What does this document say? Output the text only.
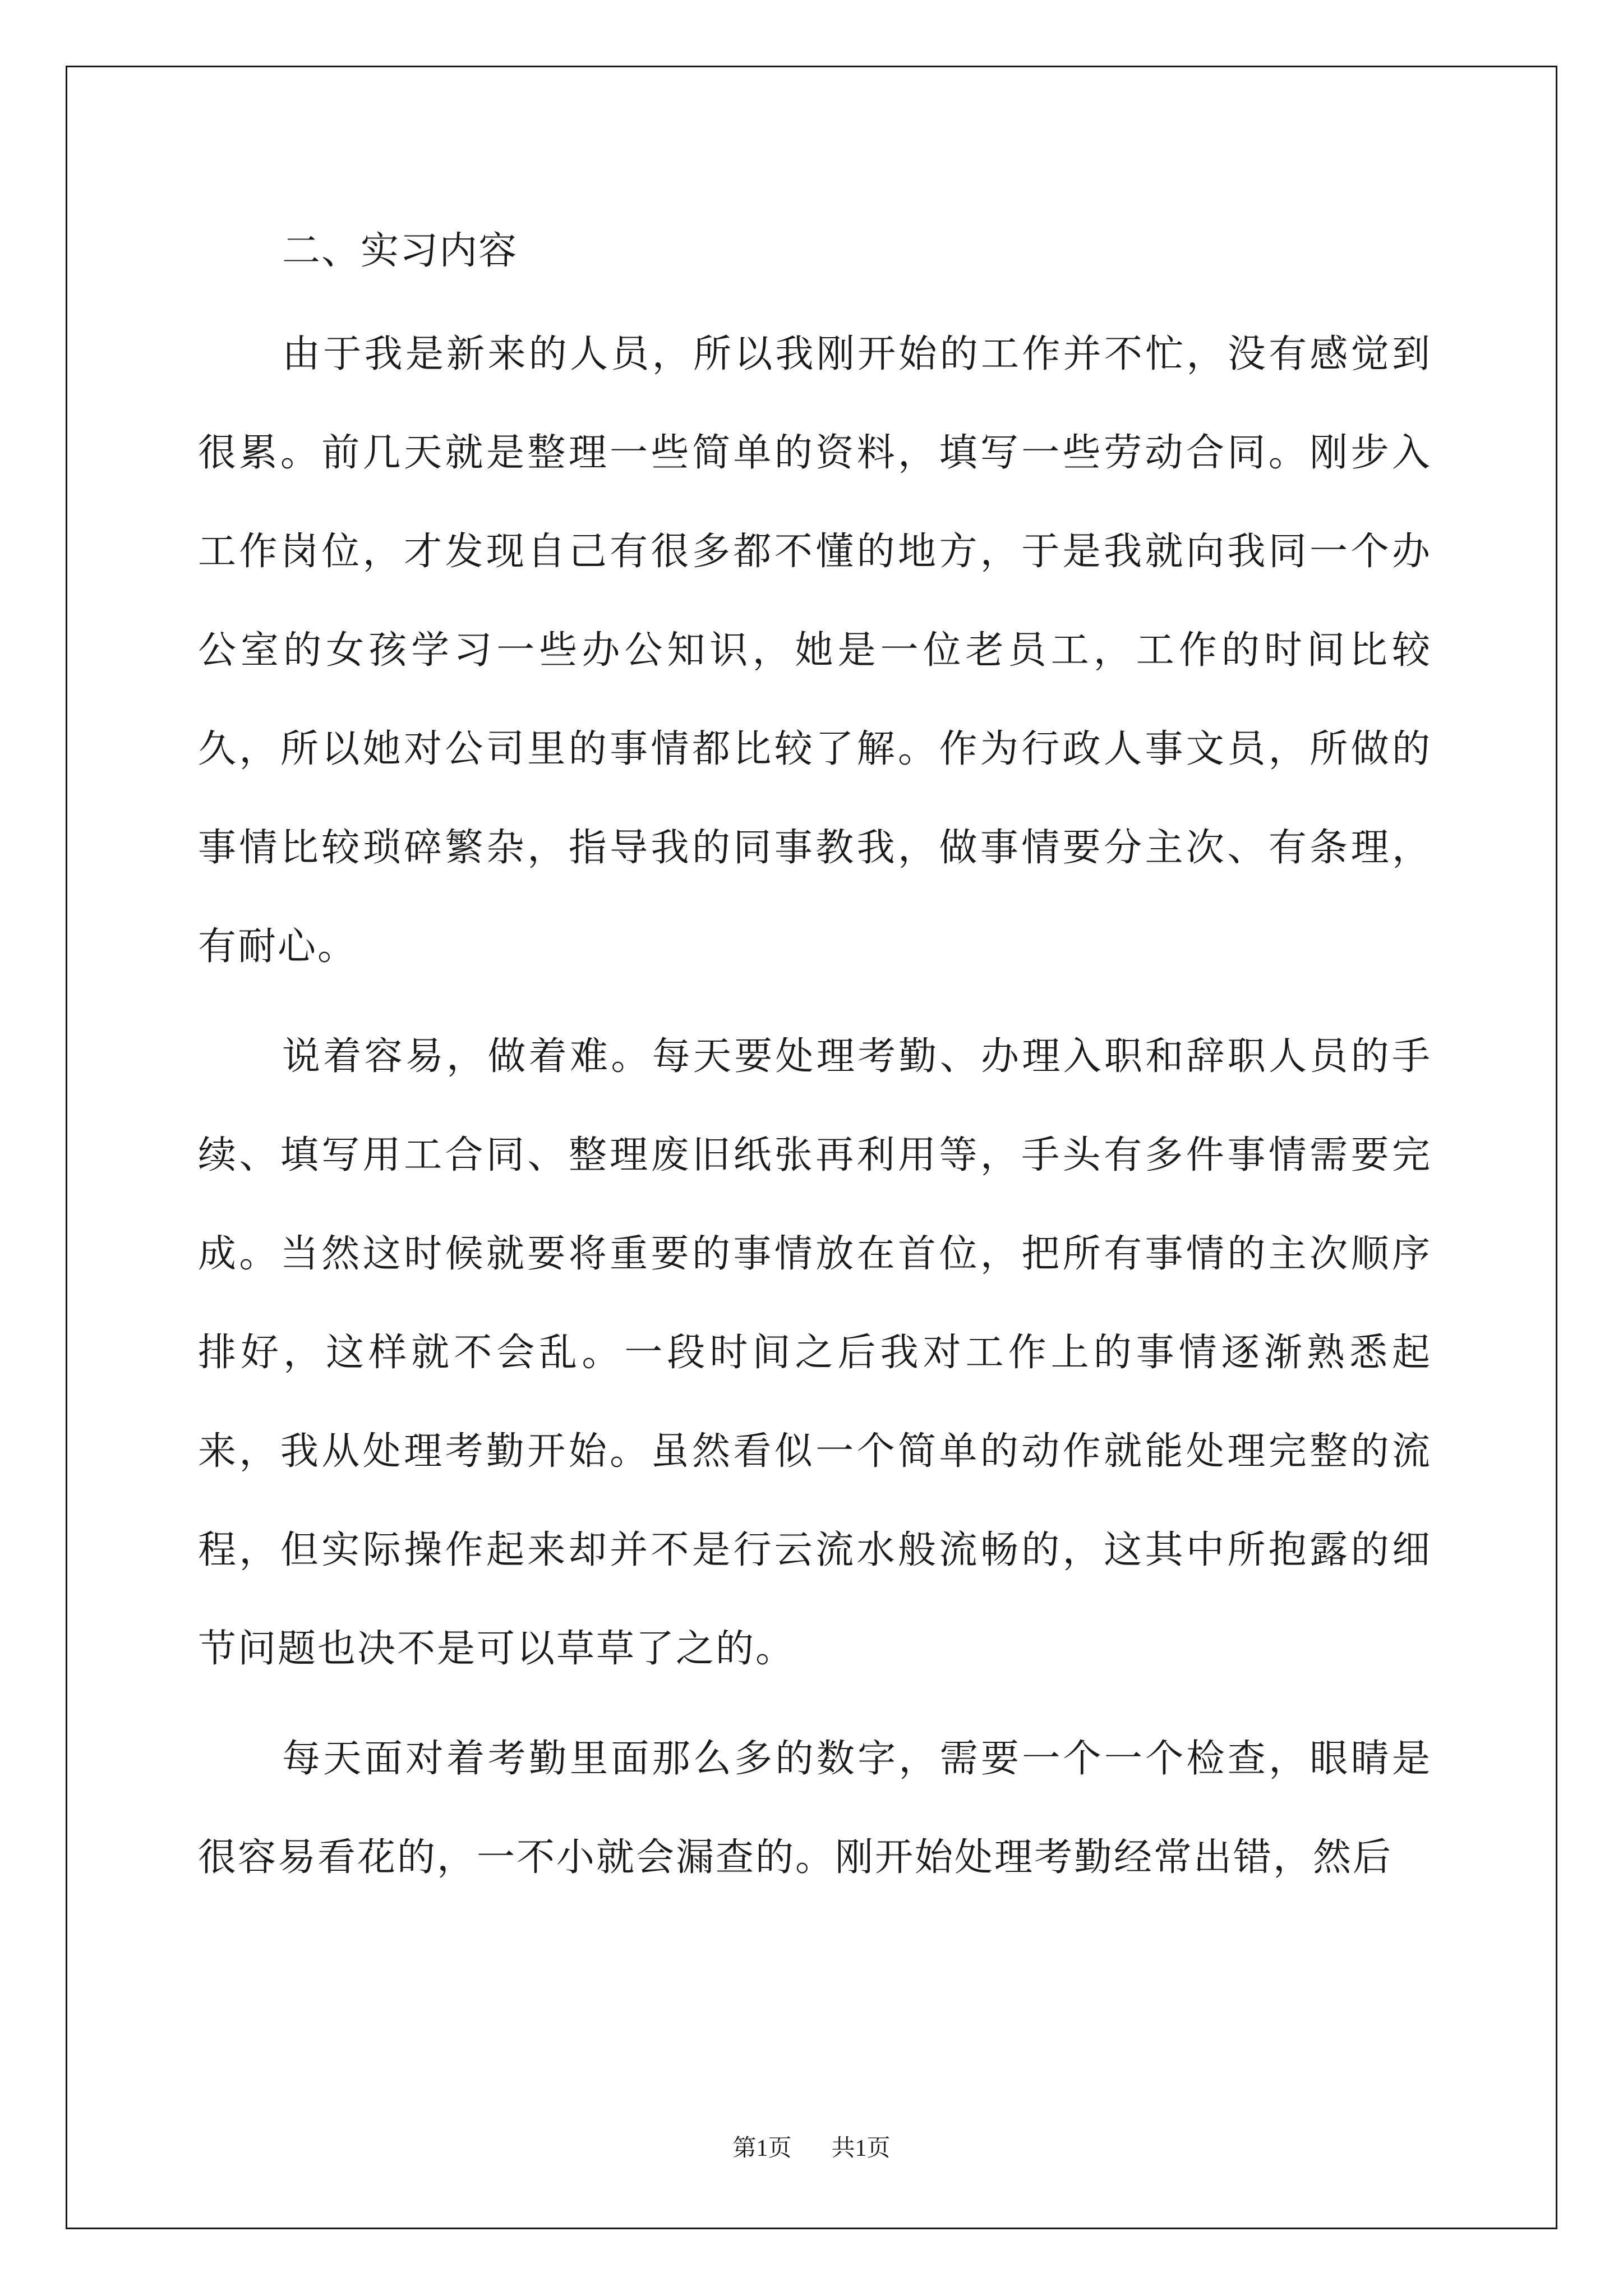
二、实习内容

由于我是新来的人员，所以我刚开始的工作并不忙，没有感觉到很累。前几天就是整理一些简单的资料，填写一些劳动合同。刚步入工作岗位，才发现自己有很多都不懂的地方，于是我就向我同一个办公室的女孩学习一些办公知识，她是一位老员工，工作的时间比较久，所以她对公司里的事情都比较了解。作为行政人事文员，所做的事情比较琐碎繁杂，指导我的同事教我，做事情要分主次、有条理，有耐心。

说着容易，做着难。每天要处理考勤、办理入职和辞职人员的手续、填写用工合同、整理废旧纸张再利用等，手头有多件事情需要完成。当然这时候就要将重要的事情放在首位，把所有事情的主次顺序排好，这样就不会乱。一段时间之后我对工作上的事情逐渐熟悉起来，我从处理考勤开始。虽然看似一个简单的动作就能处理完整的流程，但实际操作起来却并不是行云流水般流畅的，这其中所抱露的细节问题也决不是可以草草了之的。

每天面对着考勤里面那么多的数字，需要一个一个检查，眼睛是很容易看花的，一不小就会漏查的。刚开始处理考勤经常出错，然后

第1页 共1页
